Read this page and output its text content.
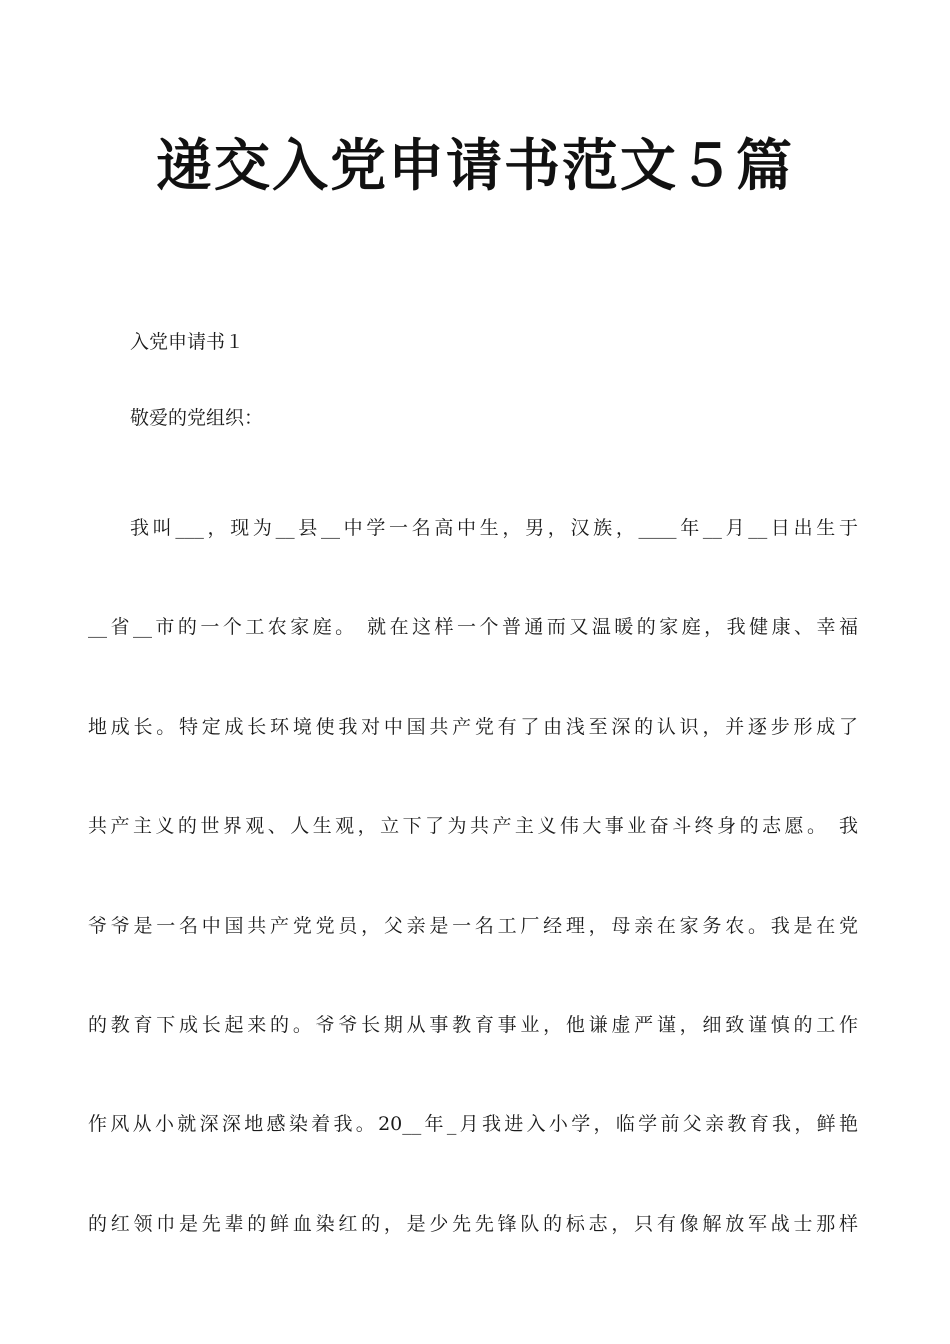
递交入党申请书范文５篇

入党申请书１

敬爱的党组织：

我叫___，现为__县__中学一名高中生，男，汉族，____年__月__日出生于
__省__市的一个工农家庭。 就在这样一个普通而又温暖的家庭，我健康、幸福
地成长。特定成长环境使我对中国共产党有了由浅至深的认识，并逐步形成了
共产主义的世界观、人生观，立下了为共产主义伟大事业奋斗终身的志愿。 我
爷爷是一名中国共产党党员，父亲是一名工厂经理，母亲在家务农。我是在党
的教育下成长起来的。爷爷长期从事教育事业，他谦虚严谨，细致谨慎的工作
作风从小就深深地感染着我。20__年_月我进入小学，临学前父亲教育我，鲜艳
的红领巾是先辈的鲜血染红的，是少先先锋队的标志，只有像解放军战士那样
